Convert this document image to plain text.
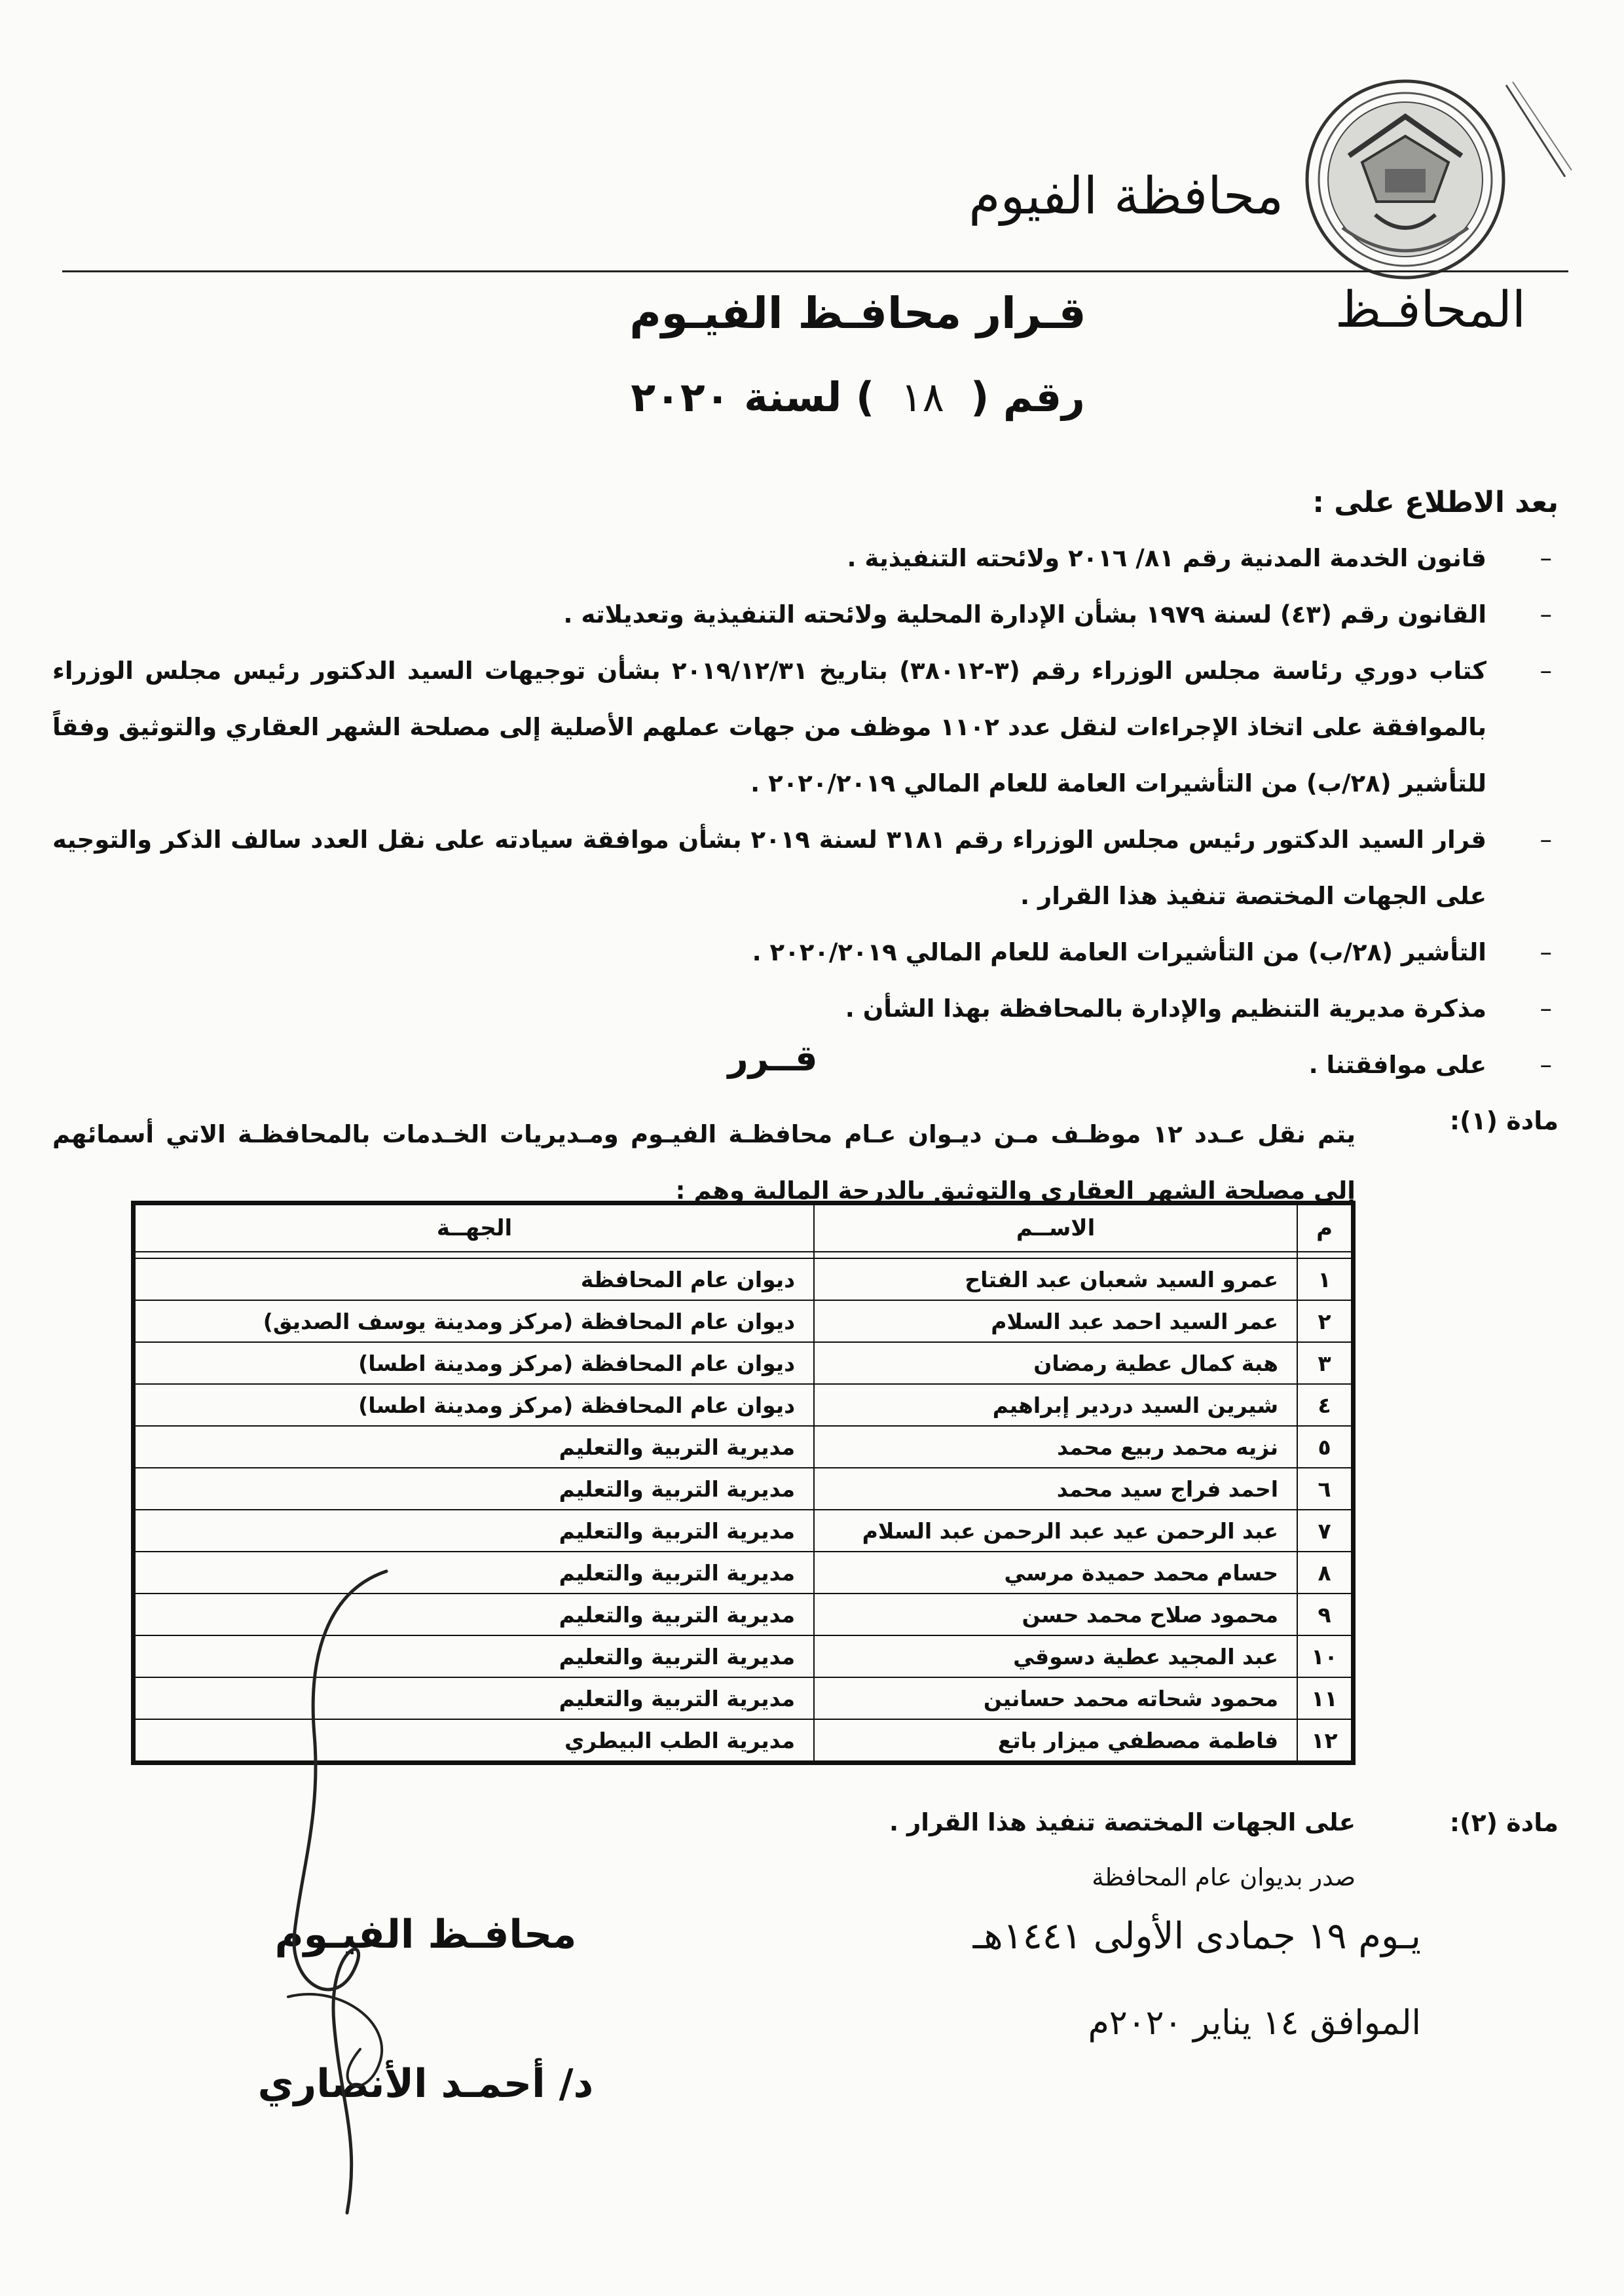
محافظة الفيوم
المحافـظ
قـرار محافـظ الفيـوم
رقم (١٨) لسنة ٢٠٢٠
بعد الاطلاع على :
– قانون الخدمة المدنية رقم ٨١/ ٢٠١٦ ولائحته التنفيذية .
– القانون رقم (٤٣) لسنة ١٩٧٩ بشأن الإدارة المحلية ولائحته التنفيذية وتعديلاته .
– كتاب دوري رئاسة مجلس الوزراء رقم (٣-٣٨٠١٢) بتاريخ ٢٠١٩/١٢/٣١ بشأن توجيهات السيد الدكتور رئيس مجلس الوزراء بالموافقة على اتخاذ الإجراءات لنقل عدد ١١٠٢ موظف من جهات عملهم الأصلية إلى مصلحة الشهر العقاري والتوثيق وفقاً للتأشير (٢٨/ب) من التأشيرات العامة للعام المالي ٢٠٢٠/٢٠١٩ .
– قرار السيد الدكتور رئيس مجلس الوزراء رقم ٣١٨١ لسنة ٢٠١٩ بشأن موافقة سيادته على نقل العدد سالف الذكر والتوجيه على الجهات المختصة تنفيذ هذا القرار .
– التأشير (٢٨/ب) من التأشيرات العامة للعام المالي ٢٠٢٠/٢٠١٩ .
– مذكرة مديرية التنظيم والإدارة بالمحافظة بهذا الشأن .
– على موافقتنا .
قــرر
مادة (١):
يتم نقل عـدد ١٢ موظـف مـن ديـوان عـام محافظـة الفيـوم ومـديريات الخـدمات بالمحافظـة الاتي أسمائهم إلى مصلحة الشهر العقاري والتوثيق بالدرجة المالية وهم :
م	الاســم	الجهــة

١	عمرو السيد شعبان عبد الفتاح	ديوان عام المحافظة
٢	عمر السيد احمد عبد السلام	ديوان عام المحافظة (مركز ومدينة يوسف الصديق)
٣	هبة كمال عطية رمضان	ديوان عام المحافظة (مركز ومدينة اطسا)
٤	شيرين السيد دردير إبراهيم	ديوان عام المحافظة (مركز ومدينة اطسا)
٥	نزيه محمد ربيع محمد	مديرية التربية والتعليم
٦	احمد فراج سيد محمد	مديرية التربية والتعليم
٧	عبد الرحمن عيد عبد الرحمن عبد السلام	مديرية التربية والتعليم
٨	حسام محمد حميدة مرسي	مديرية التربية والتعليم
٩	محمود صلاح محمد حسن	مديرية التربية والتعليم
١٠	عبد المجيد عطية دسوقي	مديرية التربية والتعليم
١١	محمود شحاته محمد حسانين	مديرية التربية والتعليم
١٢	فاطمة مصطفي ميزار باتع	مديرية الطب البيطري
مادة (٢):
على الجهات المختصة تنفيذ هذا القرار .
صدر بديوان عام المحافظة
يـوم ١٩ جمادى الأولى ١٤٤١هـ
الموافق ١٤ يناير ٢٠٢٠م
محافـظ الفيـوم
د/ أحمـد الأنصاري
